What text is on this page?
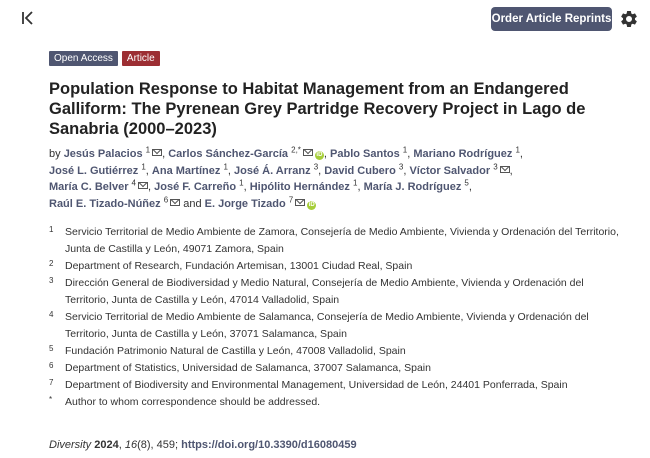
Order Article Reprints
Open Access	Article
Population Response to Habitat Management from an Endangered Galliform: The Pyrenean Grey Partridge Recovery Project in Lago de Sanabria (2000–2023)
by Jesús Palacios $^1$ , Carlos Sánchez-García $^{2,*}$iD , Pablo Santos $^1$, Mariano Rodríguez $^1$,
José L. Gutiérrez $^1$, Ana Martínez $^1$, José Á. Arranz $^3$, David Cubero $^3$, Víctor Salvador $^3$ ,
María C. Belver $^4$ , José F. Carreño $^1$, Hipólito Hernández $^1$, María J. Rodríguez $^5$,
Raúl E. Tizado-Núñez $^6$ and E. Jorge Tizado $^7$iD
1	Servicio Territorial de Medio Ambiente de Zamora, Consejería de Medio Ambiente, Vivienda y Ordenación del Territorio, Junta de Castilla y León, 49071 Zamora, Spain
2	Department of Research, Fundación Artemisan, 13001 Ciudad Real, Spain
3	Dirección General de Biodiversidad y Medio Natural, Consejería de Medio Ambiente, Vivienda y Ordenación del Territorio, Junta de Castilla y León, 47014 Valladolid, Spain
4	Servicio Territorial de Medio Ambiente de Salamanca, Consejería de Medio Ambiente, Vivienda y Ordenación del Territorio, Junta de Castilla y León, 37071 Salamanca, Spain
5	Fundación Patrimonio Natural de Castilla y León, 47008 Valladolid, Spain
6	Department of Statistics, Universidad de Salamanca, 37007 Salamanca, Spain
7	Department of Biodiversity and Environmental Management, Universidad de León, 24401 Ponferrada, Spain
*	Author to whom correspondence should be addressed.
Diversity 2024, 16(8), 459; https://doi.org/10.3390/d16080459
